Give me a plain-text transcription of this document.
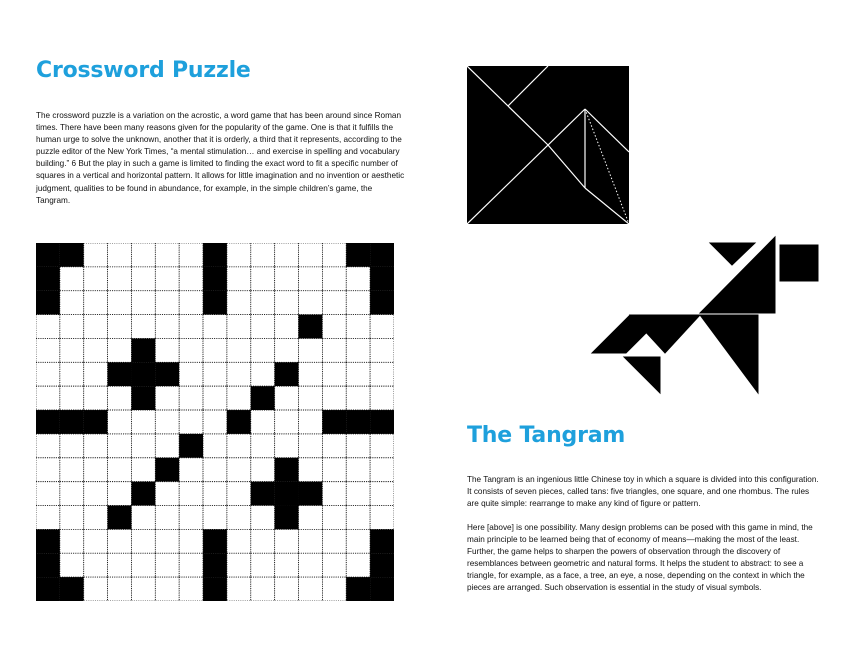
Crossword Puzzle

The crossword puzzle is a variation on the acrostic, a word game that has been around since Roman times. There have been many reasons given for the popularity of the game. One is that it fulfills the human urge to solve the unknown, another that it is orderly, a third that it represents, according to the puzzle editor of the New York Times, “a mental stimulation… and exercise in spelling and vocabulary building.” 6 But the play in such a game is limited to finding the exact word to fit a specific number of squares in a vertical and horizontal pattern. It allows for little imagination and no invention or aesthetic judgment, qualities to be found in abundance, for example, in the simple children’s game, the Tangram.

The Tangram

The Tangram is an ingenious little Chinese toy in which a square is divided into this configuration. It consists of seven pieces, called tans: five triangles, one square, and one rhombus. The rules are quite simple: rearrange to make any kind of figure or pattern.

Here [above] is one possibility. Many design problems can be posed with this game in mind, the main principle to be learned being that of economy of means—making the most of the least. Further, the game helps to sharpen the powers of observation through the discovery of resemblances between geometric and natural forms. It helps the student to abstract: to see a triangle, for example, as a face, a tree, an eye, a nose, depending on the context in which the pieces are arranged. Such observation is essential in the study of visual symbols.
